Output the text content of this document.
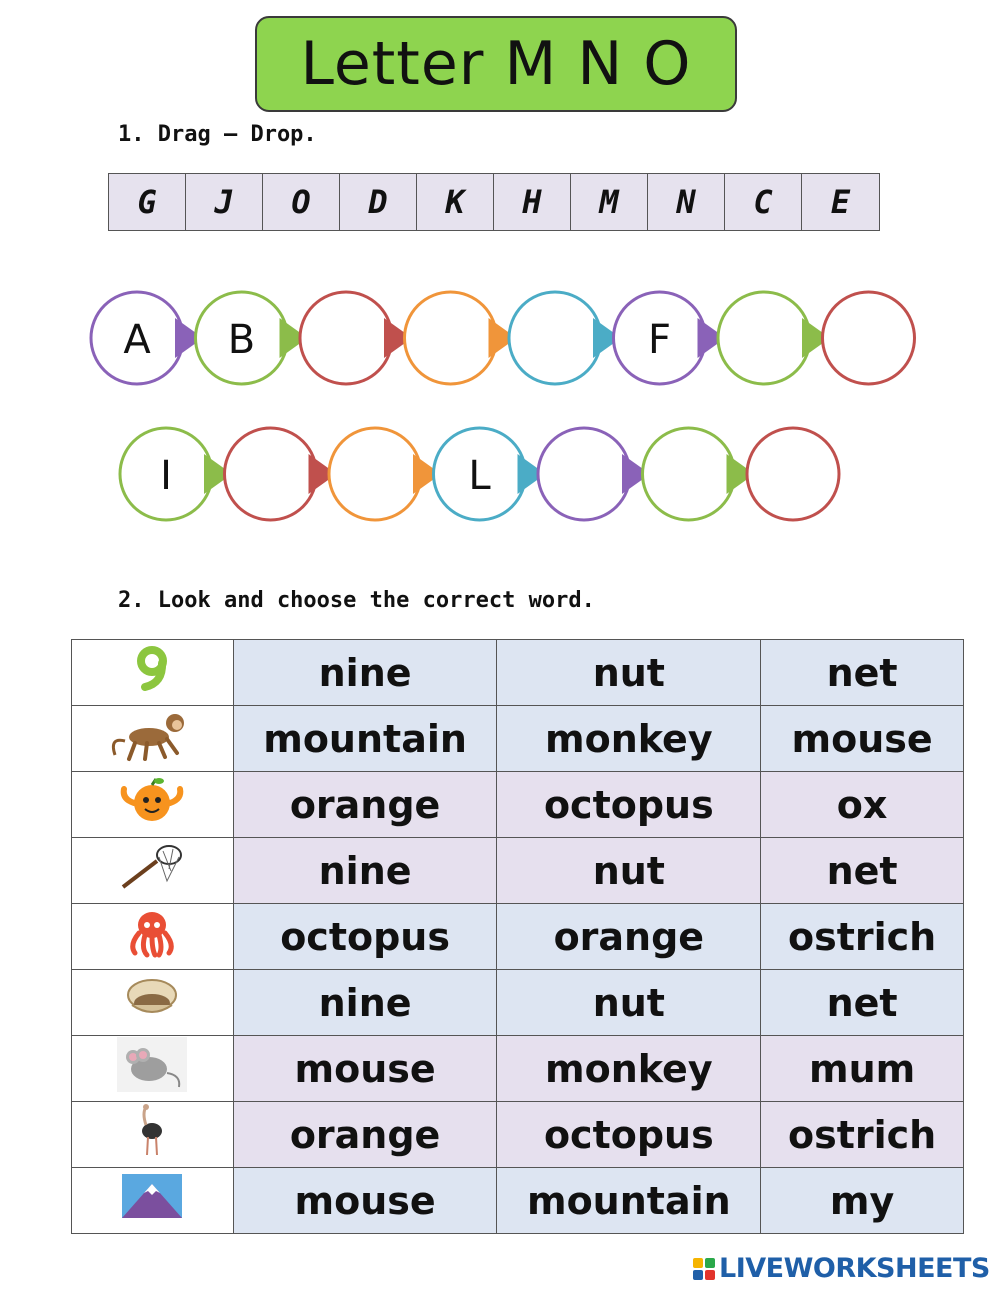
Letter M N O
1. Drag – Drop.
G	J	O	D	K	H	M	N	C	E
A B	F
I	L
2. Look and choose the correct word.
	nine	nut	net
	mountain	monkey	mouse
	orange	octopus	ox
	nine	nut	net
	octopus	orange	ostrich
	nine	nut	net
	mouse	monkey	mum
	orange	octopus	ostrich
	mouse	mountain	my
LIVEWORKSHEETS
